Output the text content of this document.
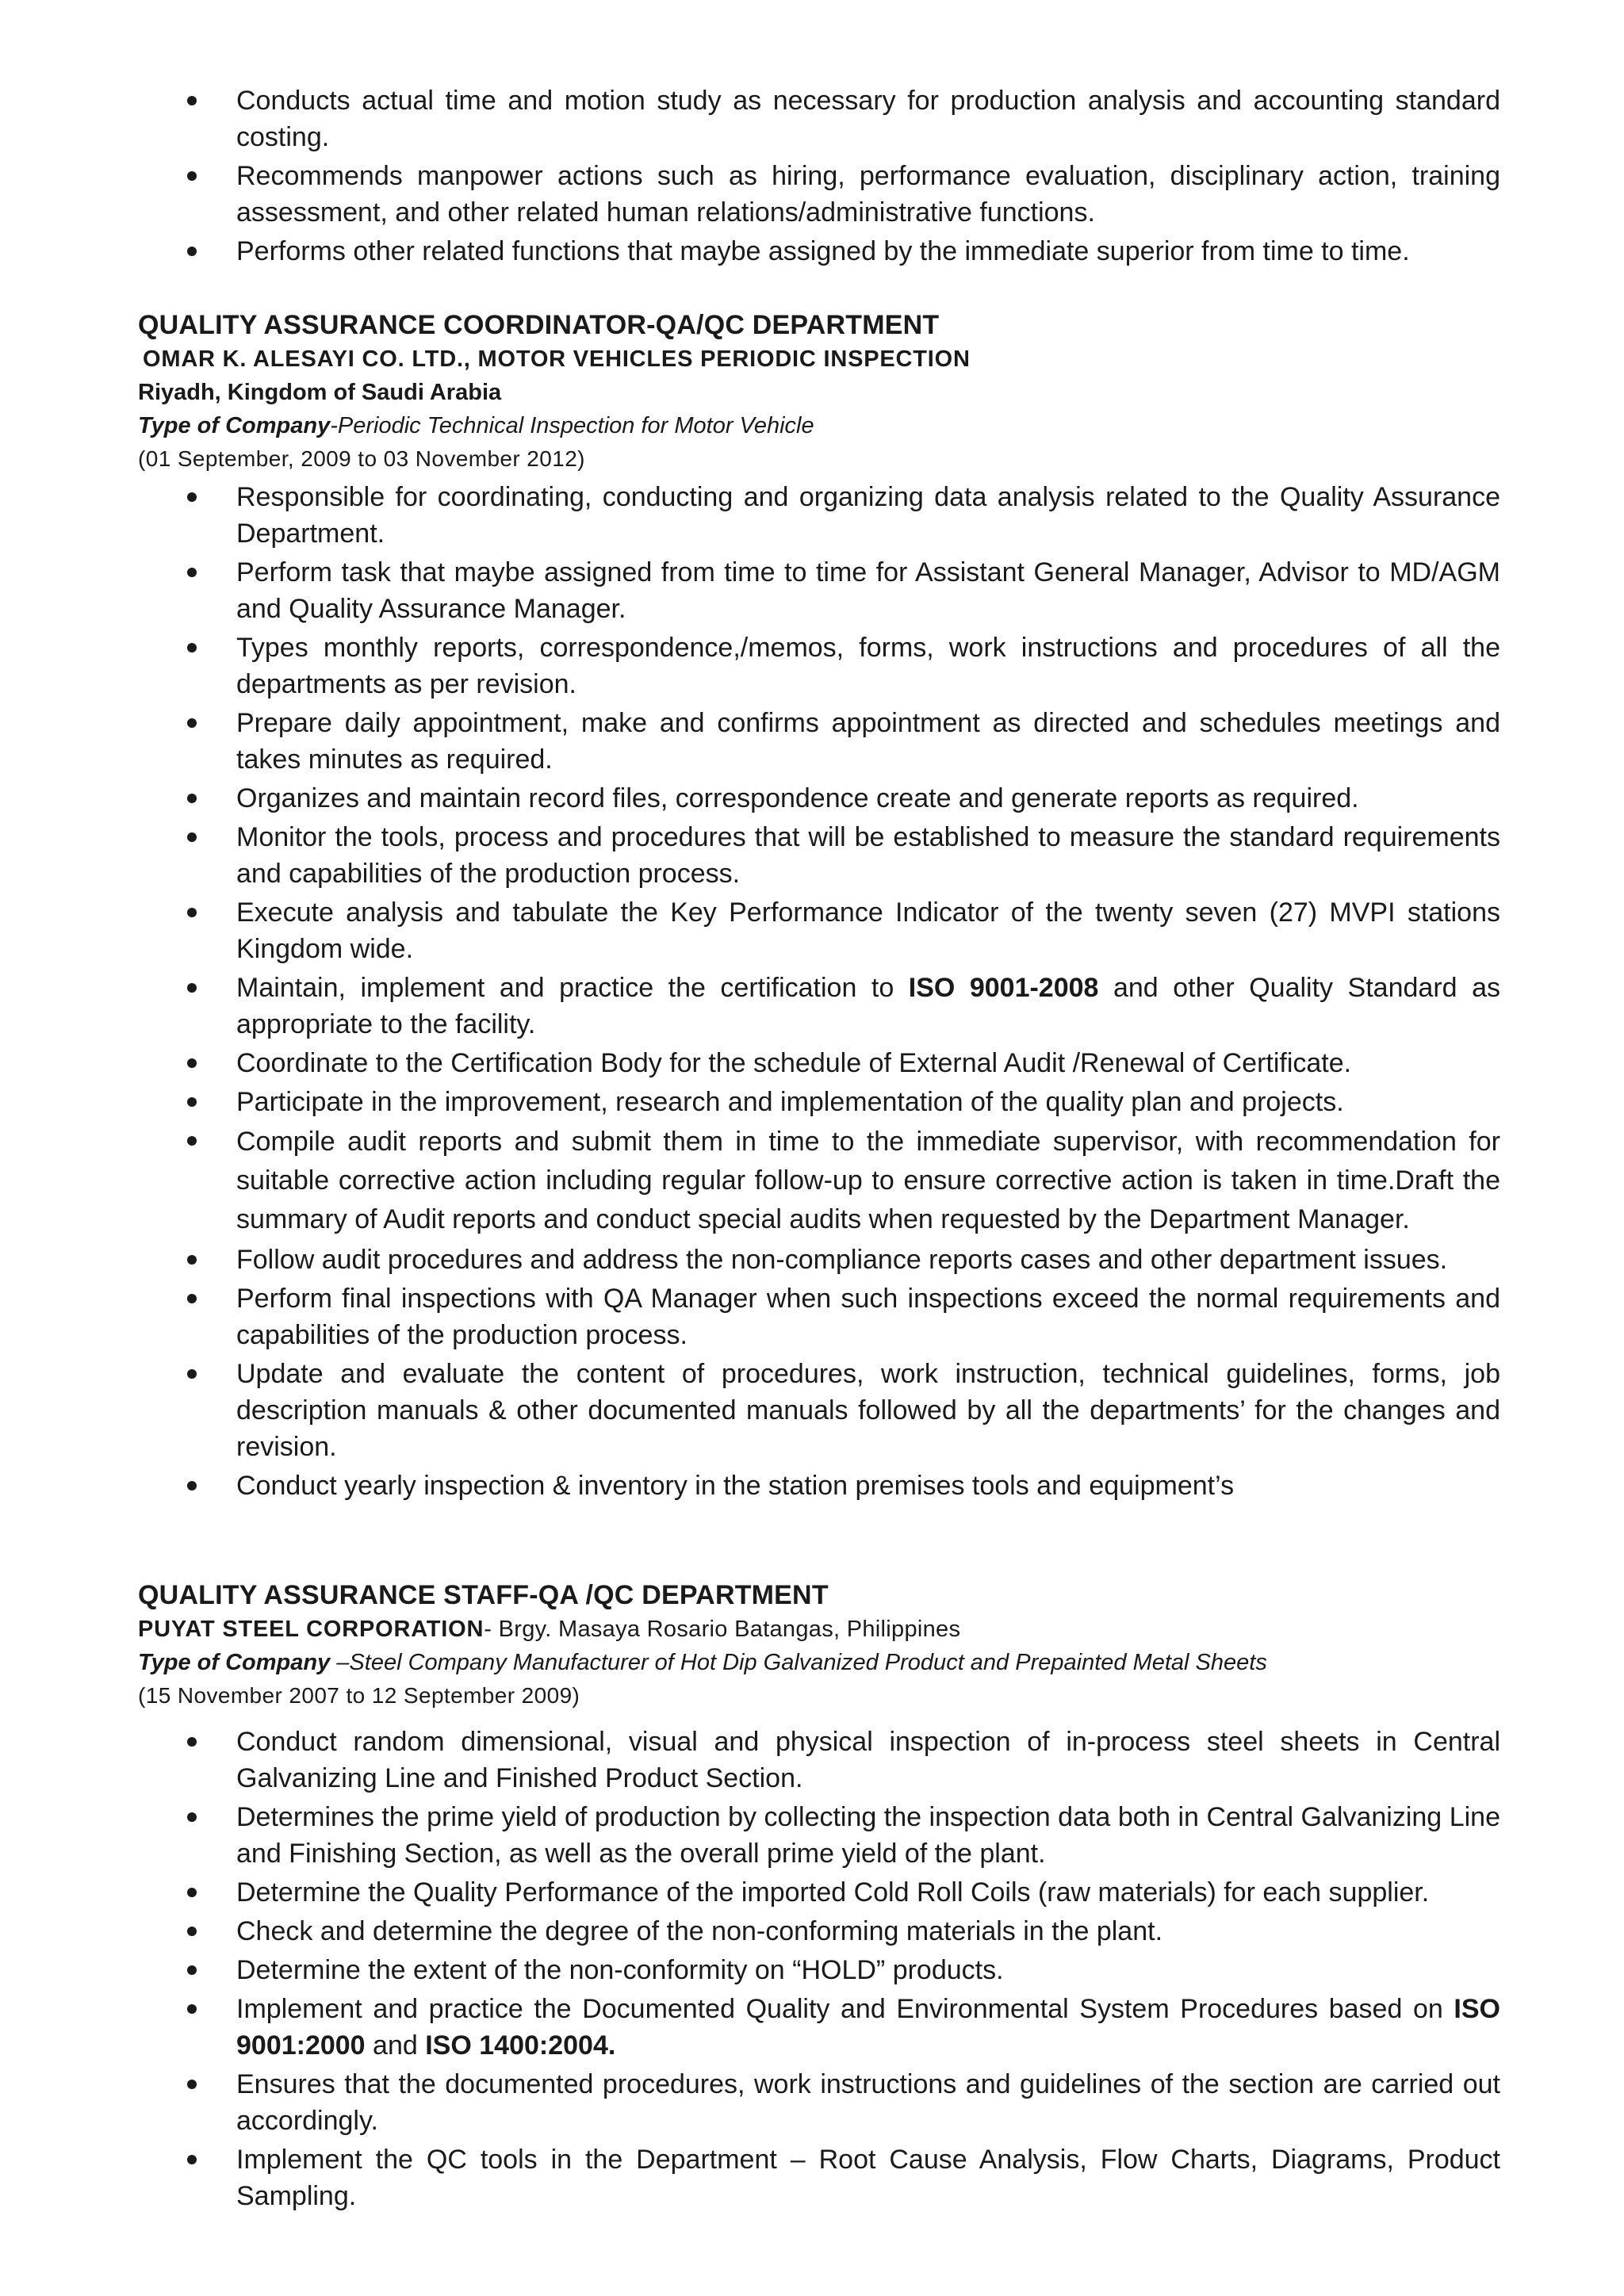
Conducts actual time and motion study as necessary for production analysis and accounting standard costing.
Recommends manpower actions such as hiring, performance evaluation, disciplinary action, training assessment, and other related human relations/administrative functions.
Performs other related functions that maybe assigned by the immediate superior from time to time.
QUALITY ASSURANCE COORDINATOR-QA/QC DEPARTMENT
OMAR K. ALESAYI CO. LTD., MOTOR VEHICLES PERIODIC INSPECTION
Riyadh, Kingdom of Saudi Arabia
Type of Company-Periodic Technical Inspection for Motor Vehicle
(01 September, 2009 to 03 November 2012)
Responsible for coordinating, conducting and organizing data analysis related to the Quality Assurance Department.
Perform task that maybe assigned from time to time for Assistant General Manager, Advisor to MD/AGM and Quality Assurance Manager.
Types monthly reports, correspondence,/memos, forms, work instructions and procedures of all the departments as per revision.
Prepare daily appointment, make and confirms appointment as directed and schedules meetings and takes minutes as required.
Organizes and maintain record files, correspondence create and generate reports as required.
Monitor the tools, process and procedures that will be established to measure the standard requirements and capabilities of the production process.
Execute analysis and tabulate the Key Performance Indicator of the twenty seven (27) MVPI stations Kingdom wide.
Maintain, implement and practice the certification to ISO 9001-2008 and other Quality Standard as appropriate to the facility.
Coordinate to the Certification Body for the schedule of External Audit /Renewal of Certificate.
Participate in the improvement, research and implementation of the quality plan and projects.
Compile audit reports and submit them in time to the immediate supervisor, with recommendation for suitable corrective action including regular follow-up to ensure corrective action is taken in time.Draft the summary of Audit reports and conduct special audits when requested by the Department Manager.
Follow audit procedures and address the non-compliance reports cases and other department issues.
Perform final inspections with QA Manager when such inspections exceed the normal requirements and capabilities of the production process.
Update and evaluate the content of procedures, work instruction, technical guidelines, forms, job description manuals & other documented manuals followed by all the departments’ for the changes and revision.
Conduct yearly inspection & inventory in the station premises tools and equipment’s
QUALITY ASSURANCE STAFF-QA /QC DEPARTMENT
PUYAT STEEL CORPORATION- Brgy. Masaya Rosario Batangas, Philippines
Type of Company –Steel Company Manufacturer of Hot Dip Galvanized Product and Prepainted Metal Sheets
(15 November 2007 to 12 September 2009)
Conduct random dimensional, visual and physical inspection of in-process steel sheets in Central Galvanizing Line and Finished Product Section.
Determines the prime yield of production by collecting the inspection data both in Central Galvanizing Line and Finishing Section, as well as the overall prime yield of the plant.
Determine the Quality Performance of the imported Cold Roll Coils (raw materials) for each supplier.
Check and determine the degree of the non-conforming materials in the plant.
Determine the extent of the non-conformity on “HOLD” products.
Implement and practice the Documented Quality and Environmental System Procedures based on ISO 9001:2000 and ISO 1400:2004.
Ensures that the documented procedures, work instructions and guidelines of the section are carried out accordingly.
Implement the QC tools in the Department – Root Cause Analysis, Flow Charts, Diagrams, Product Sampling.
